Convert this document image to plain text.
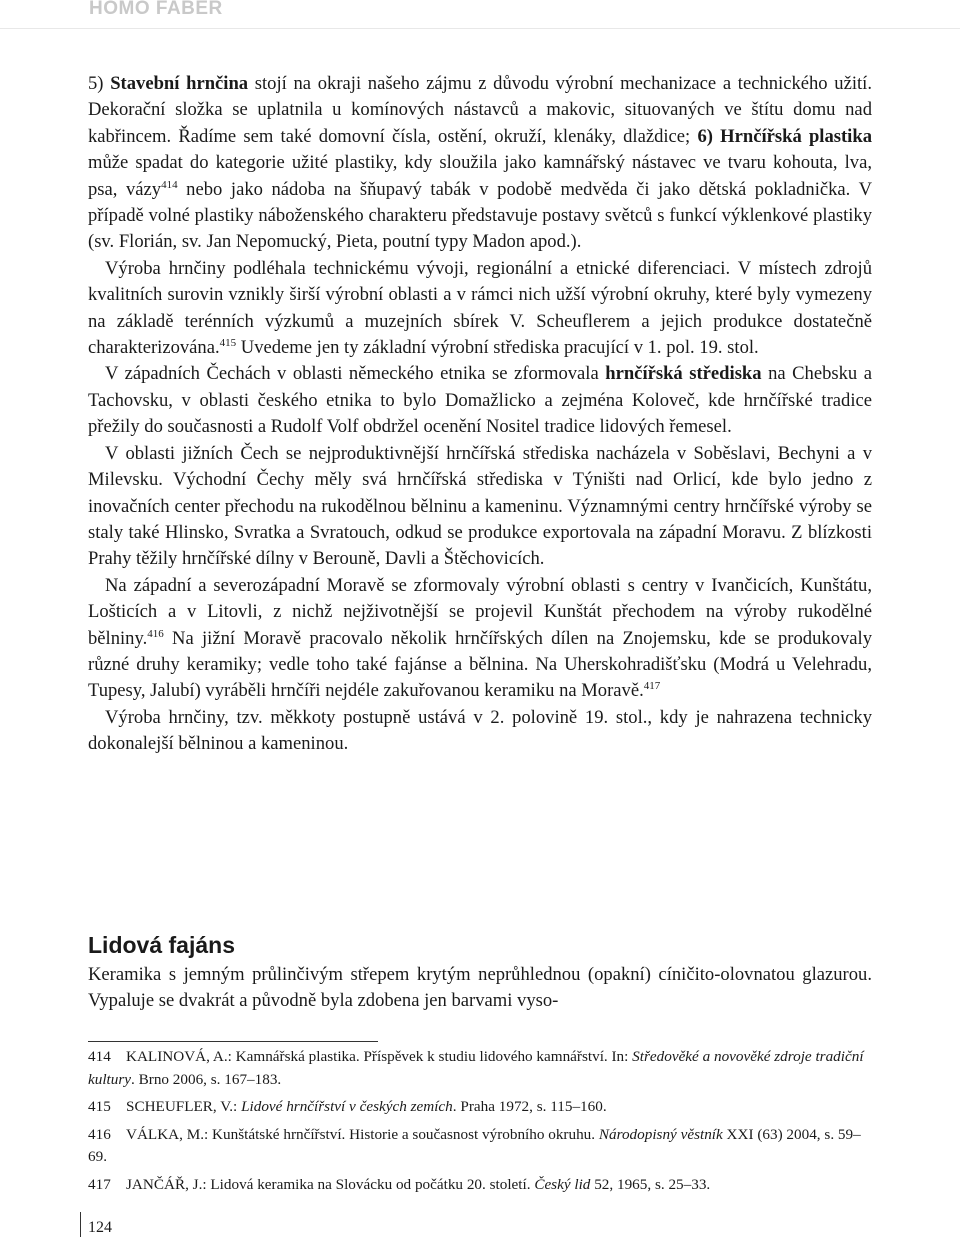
HOMO FABER

5) Stavební hrnčina stojí na okraji našeho zájmu z důvodu výrobní mechanizace a technického užití. Dekorační složka se uplatnila u komínových nástavců a makovic, situovaných ve štítu domu nad kabřincem. Řadíme sem také domovní čísla, ostění, okruží, klenáky, dlaždice; 6) Hrnčířská plastika může spadat do kategorie užité plastiky, kdy sloužila jako kamnářský nástavec ve tvaru kohouta, lva, psa, vázy$^{414}$ nebo jako nádoba na šňupavý tabák v podobě medvěda či jako dětská pokladnička. V případě volné plastiky náboženského charakteru představuje postavy světců s funkcí výklenkové plastiky (sv. Florián, sv. Jan Nepomucký, Pieta, poutní typy Madon apod.).

Výroba hrnčiny podléhala technickému vývoji, regionální a etnické diferenciaci. V místech zdrojů kvalitních surovin vznikly širší výrobní oblasti a v rámci nich užší výrobní okruhy, které byly vymezeny na základě terénních výzkumů a muzejních sbírek V. Scheuflerem a jejich produkce dostatečně charakterizována.$^{415}$ Uvedeme jen ty základní výrobní střediska pracující v 1. pol. 19. stol.

V západních Čechách v oblasti německého etnika se zformovala hrnčířská střediska na Chebsku a Tachovsku, v oblasti českého etnika to bylo Domažlicko a zejména Koloveč, kde hrnčířské tradice přežily do současnosti a Rudolf Volf obdržel ocenění Nositel tradice lidových řemesel.

V oblasti jižních Čech se nejproduktivnější hrnčířská střediska nacházela v Soběslavi, Bechyni a v Milevsku. Východní Čechy měly svá hrnčířská střediska v Týništi nad Orlicí, kde bylo jedno z inovačních center přechodu na rukodělnou bělninu a kameninu. Významnými centry hrnčířské výroby se staly také Hlinsko, Svratka a Svratouch, odkud se produkce exportovala na západní Moravu. Z blízkosti Prahy těžily hrnčířské dílny v Berouně, Davli a Štěchovicích.

Na západní a severozápadní Moravě se zformovaly výrobní oblasti s centry v Ivančicích, Kunštátu, Lošticích a v Litovli, z nichž nejživotnější se projevil Kunštát přechodem na výroby rukodělné bělniny.$^{416}$ Na jižní Moravě pracovalo několik hrnčířských dílen na Znojemsku, kde se produkovaly různé druhy keramiky; vedle toho také fajánse a bělnina. Na Uherskohradišťsku (Modrá u Velehradu, Tupesy, Jalubí) vyráběli hrnčíři nejdéle zakuřovanou keramiku na Moravě.$^{417}$

Výroba hrnčiny, tzv. měkkoty postupně ustává v 2. polovině 19. stol., kdy je nahrazena technicky dokonalejší bělninou a kameninou.

Lidová fajáns

Keramika s jemným průlinčivým střepem krytým neprůhlednou (opakní) cíničito-olovnatou glazurou. Vypaluje se dvakrát a původně byla zdobena jen barvami vyso-

414 KALINOVÁ, A.: Kamnářská plastika. Příspěvek k studiu lidového kamnářství. In: Středověké a novověké zdroje tradiční kultury. Brno 2006, s. 167–183.

415 SCHEUFLER, V.: Lidové hrnčířství v českých zemích. Praha 1972, s. 115–160.

416 VÁLKA, M.: Kunštátské hrnčířství. Historie a současnost výrobního okruhu. Národopisný věstník XXI (63) 2004, s. 59–69.

417 JANČÁŘ, J.: Lidová keramika na Slovácku od počátku 20. století. Český lid 52, 1965, s. 25–33.

124
